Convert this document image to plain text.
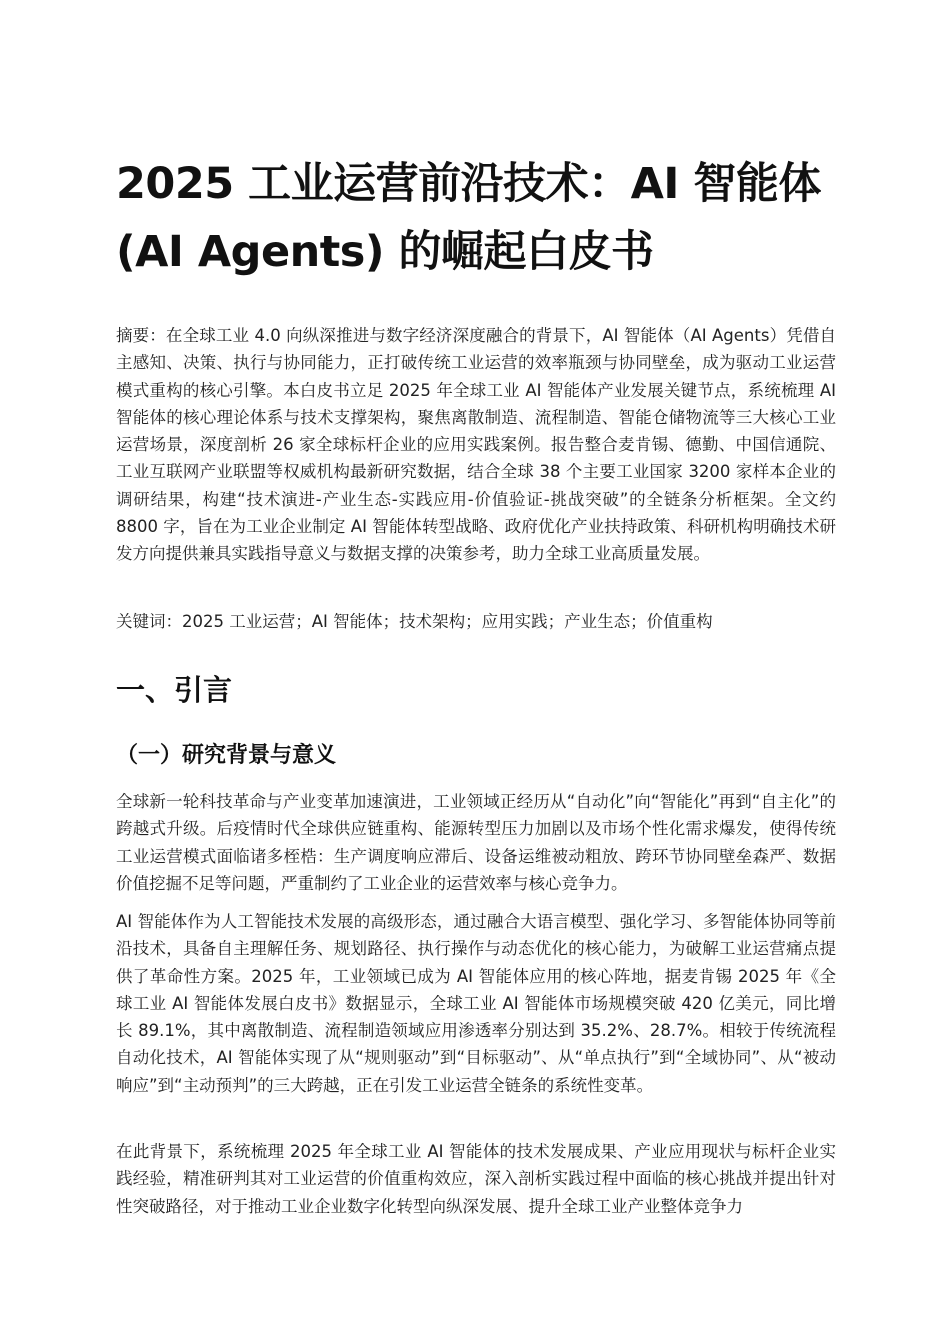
2025 工业运营前沿技术：AI 智能体 (AI Agents) 的崛起白皮书

摘要：在全球工业 4.0 向纵深推进与数字经济深度融合的背景下，AI 智能体（AI Agents）凭借自主感知、决策、执行与协同能力，正打破传统工业运营的效率瓶颈与协同壁垒，成为驱动工业运营模式重构的核心引擎。本白皮书立足 2025 年全球工业 AI 智能体产业发展关键节点，系统梳理 AI 智能体的核心理论体系与技术支撑架构，聚焦离散制造、流程制造、智能仓储物流等三大核心工业运营场景，深度剖析 26 家全球标杆企业的应用实践案例。报告整合麦肯锡、德勤、中国信通院、工业互联网产业联盟等权威机构最新研究数据，结合全球 38 个主要工业国家 3200 家样本企业的调研结果，构建“技术演进-产业生态-实践应用-价值验证-挑战突破”的全链条分析框架。全文约 8800 字，旨在为工业企业制定 AI 智能体转型战略、政府优化产业扶持政策、科研机构明确技术研发方向提供兼具实践指导意义与数据支撑的决策参考，助力全球工业高质量发展。

关键词：2025 工业运营；AI 智能体；技术架构；应用实践；产业生态；价值重构

一、引言
（一）研究背景与意义

全球新一轮科技革命与产业变革加速演进，工业领域正经历从“自动化”向“智能化”再到“自主化”的跨越式升级。后疫情时代全球供应链重构、能源转型压力加剧以及市场个性化需求爆发，使得传统工业运营模式面临诸多桎梏：生产调度响应滞后、设备运维被动粗放、跨环节协同壁垒森严、数据价值挖掘不足等问题，严重制约了工业企业的运营效率与核心竞争力。

AI 智能体作为人工智能技术发展的高级形态，通过融合大语言模型、强化学习、多智能体协同等前沿技术，具备自主理解任务、规划路径、执行操作与动态优化的核心能力，为破解工业运营痛点提供了革命性方案。2025 年，工业领域已成为 AI 智能体应用的核心阵地，据麦肯锡 2025 年《全球工业 AI 智能体发展白皮书》数据显示，全球工业 AI 智能体市场规模突破 420 亿美元，同比增长 89.1%，其中离散制造、流程制造领域应用渗透率分别达到 35.2%、28.7%。相较于传统流程自动化技术，AI 智能体实现了从“规则驱动”到“目标驱动”、从“单点执行”到“全域协同”、从“被动响应”到“主动预判”的三大跨越，正在引发工业运营全链条的系统性变革。

在此背景下，系统梳理 2025 年全球工业 AI 智能体的技术发展成果、产业应用现状与标杆企业实践经验，精准研判其对工业运营的价值重构效应，深入剖析实践过程中面临的核心挑战并提出针对性突破路径，对于推动工业企业数字化转型向纵深发展、提升全球工业产业整体竞争力
